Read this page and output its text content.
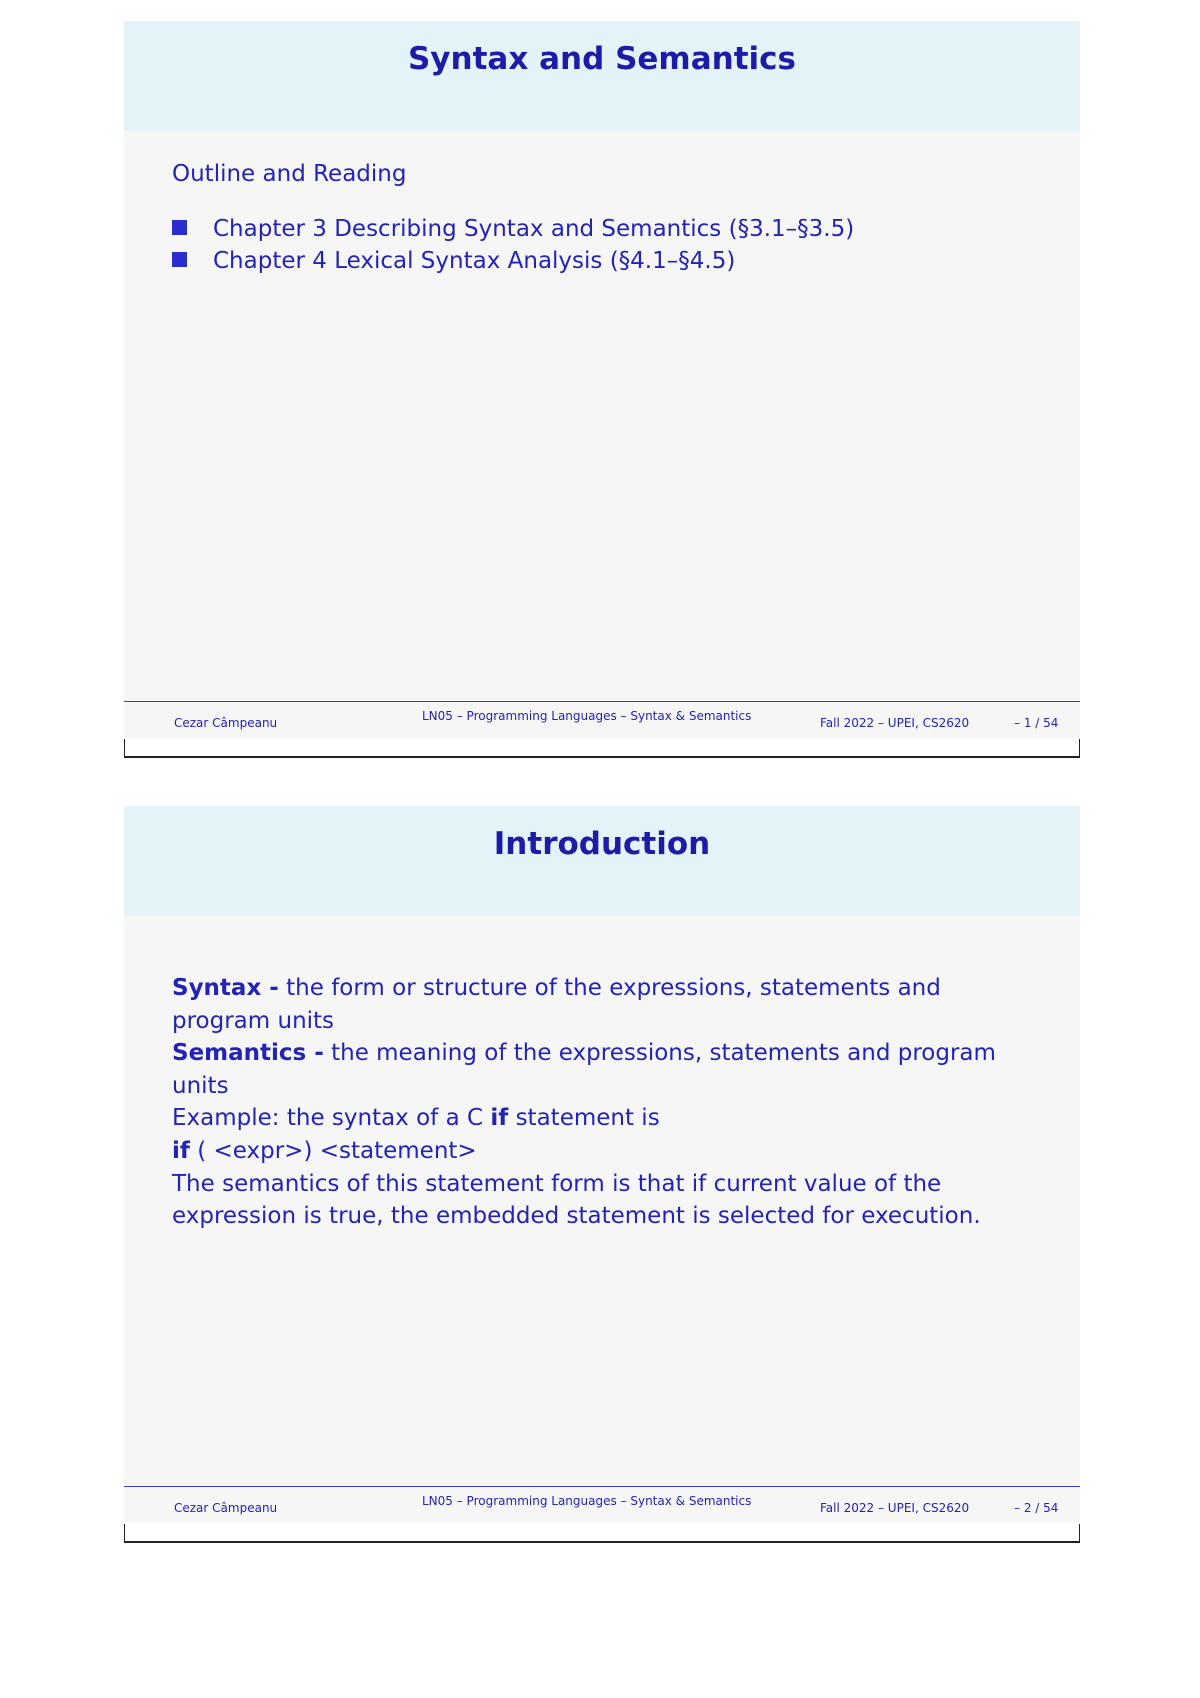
Syntax and Semantics
Outline and Reading
Chapter 3 Describing Syntax and Semantics (§3.1–§3.5)
Chapter 4 Lexical Syntax Analysis (§4.1–§4.5)
Cezar Câmpeanu	LN05 – Programming Languages – Syntax & Semantics	Fall 2022 – UPEI, CS2620	– 1 / 54
Introduction

Syntax - the form or structure of the expressions, statements and program units

Semantics - the meaning of the expressions, statements and program units

Example: the syntax of a C if statement is

if ( <expr>) <statement>

The semantics of this statement form is that if current value of the expression is true, the embedded statement is selected for execution.

Cezar Câmpeanu	LN05 – Programming Languages – Syntax & Semantics	Fall 2022 – UPEI, CS2620	– 2 / 54
